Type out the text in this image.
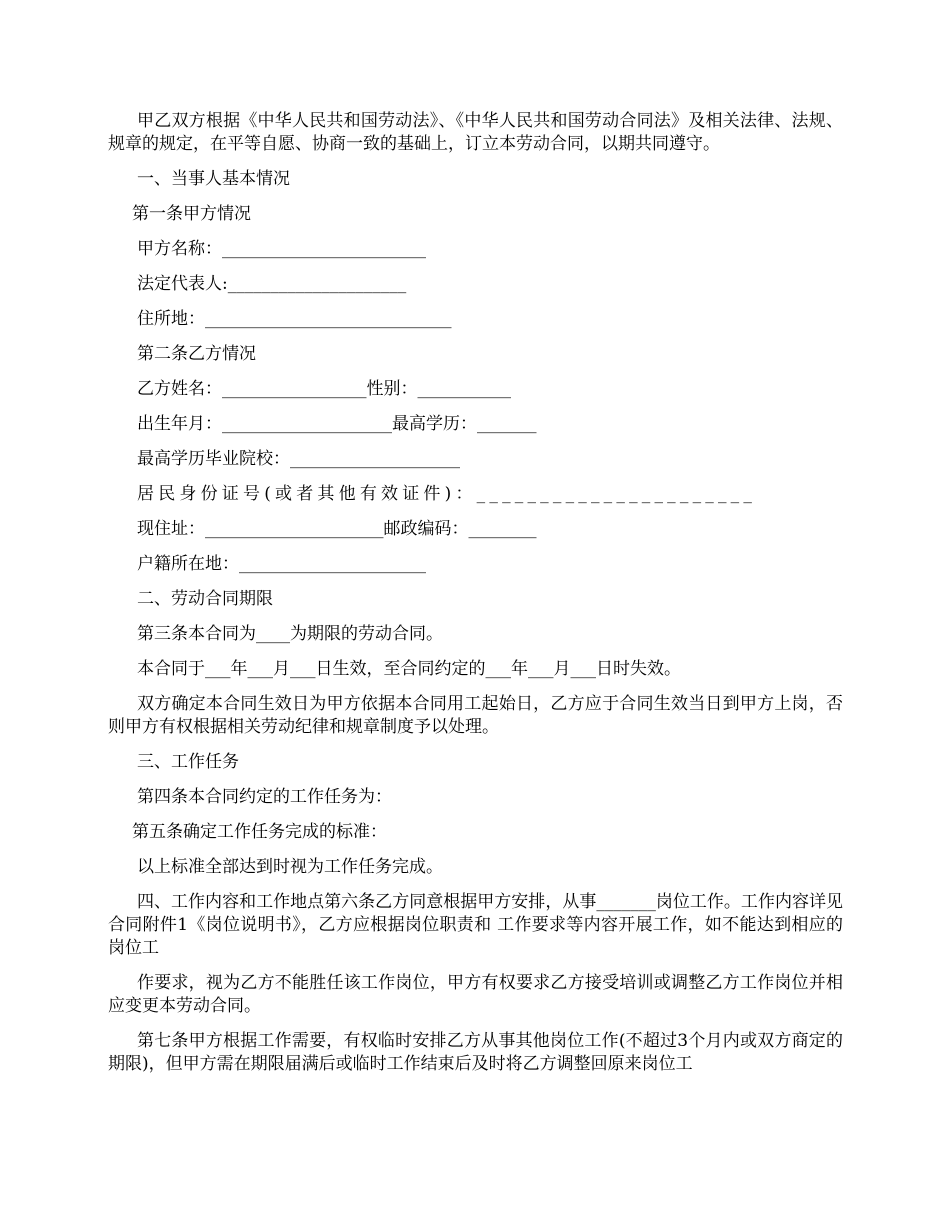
甲乙双方根据《中华人民共和国劳动法》、《中华人民共和国劳动合同法》及相关法律、法规、规章的规定，在平等自愿、协商一致的基础上，订立本劳动合同，以期共同遵守。

一、当事人基本情况

第一条甲方情况

甲方名称：________________________

法定代表人:_____________________

住所地：_____________________________

第二条乙方情况

乙方姓名：_________________性别：___________

出生年月：____________________最高学历：_______

最高学历毕业院校：____________________

居民身份证号(或者其他有效证件)：______________________

现住址：_____________________邮政编码：________

户籍所在地：______________________

二、劳动合同期限

第三条本合同为____为期限的劳动合同。

本合同于___年___月___日生效，至合同约定的___年___月___日时失效。

双方确定本合同生效日为甲方依据本合同用工起始日，乙方应于合同生效当日到甲方上岗，否则甲方有权根据相关劳动纪律和规章制度予以处理。

三、工作任务

第四条本合同约定的工作任务为：

第五条确定工作任务完成的标准：

以上标准全部达到时视为工作任务完成。

四、工作内容和工作地点第六条乙方同意根据甲方安排，从事_______岗位工作。工作内容详见合同附件1《岗位说明书》，乙方应根据岗位职责和 工作要求等内容开展工作，如不能达到相应的岗位工

作要求，视为乙方不能胜任该工作岗位，甲方有权要求乙方接受培训或调整乙方工作岗位并相应变更本劳动合同。

第七条甲方根据工作需要，有权临时安排乙方从事其他岗位工作(不超过3个月内或双方商定的期限)，但甲方需在期限届满后或临时工作结束后及时将乙方调整回原来岗位工
